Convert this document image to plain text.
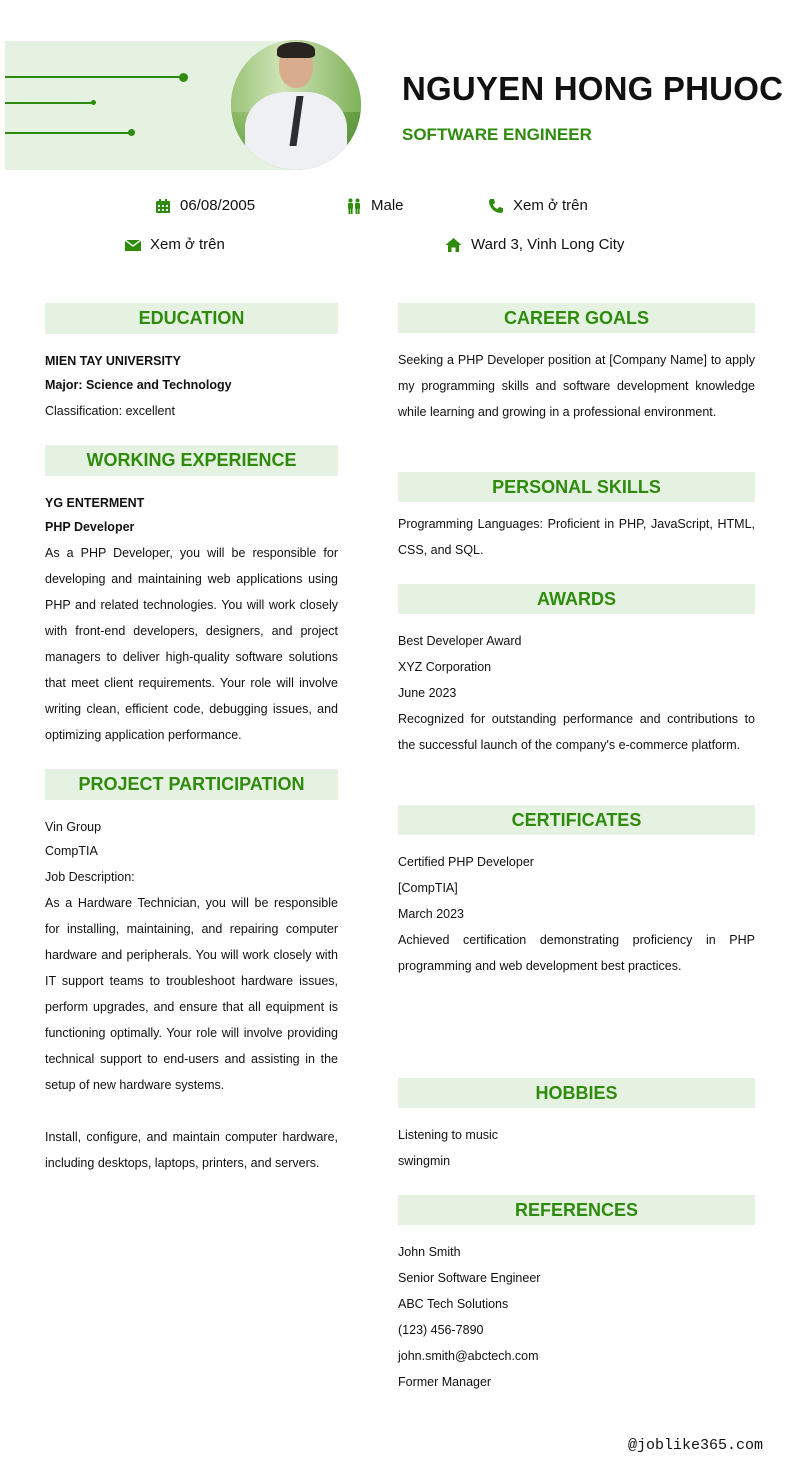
NGUYEN HONG PHUOC
SOFTWARE ENGINEER
06/08/2005	Male	Xem ở trên
Xem ở trên	Ward 3, Vinh Long City
EDUCATION
MIEN TAY UNIVERSITY
Major: Science and Technology
Classification: excellent
WORKING EXPERIENCE
YG ENTERMENT
PHP Developer
As a PHP Developer, you will be responsible for developing and maintaining web applications using PHP and related technologies. You will work closely with front-end developers, designers, and project managers to deliver high-quality software solutions that meet client requirements. Your role will involve writing clean, efficient code, debugging issues, and optimizing application performance.
PROJECT PARTICIPATION
Vin Group
CompTIA
Job Description:
As a Hardware Technician, you will be responsible for installing, maintaining, and repairing computer hardware and peripherals. You will work closely with IT support teams to troubleshoot hardware issues, perform upgrades, and ensure that all equipment is functioning optimally. Your role will involve providing technical support to end-users and assisting in the setup of new hardware systems.
Install, configure, and maintain computer hardware, including desktops, laptops, printers, and servers.
CAREER GOALS
Seeking a PHP Developer position at [Company Name] to apply my programming skills and software development knowledge while learning and growing in a professional environment.
PERSONAL SKILLS
Programming Languages: Proficient in PHP, JavaScript, HTML, CSS, and SQL.
AWARDS
Best Developer Award
XYZ Corporation
June 2023
Recognized for outstanding performance and contributions to the successful launch of the company's e-commerce platform.
CERTIFICATES
Certified PHP Developer
[CompTIA]
March 2023
Achieved certification demonstrating proficiency in PHP programming and web development best practices.
HOBBIES
Listening to music
swingmin
REFERENCES
John Smith
Senior Software Engineer
ABC Tech Solutions
(123) 456-7890
john.smith@abctech.com
Former Manager
@joblike365.com
